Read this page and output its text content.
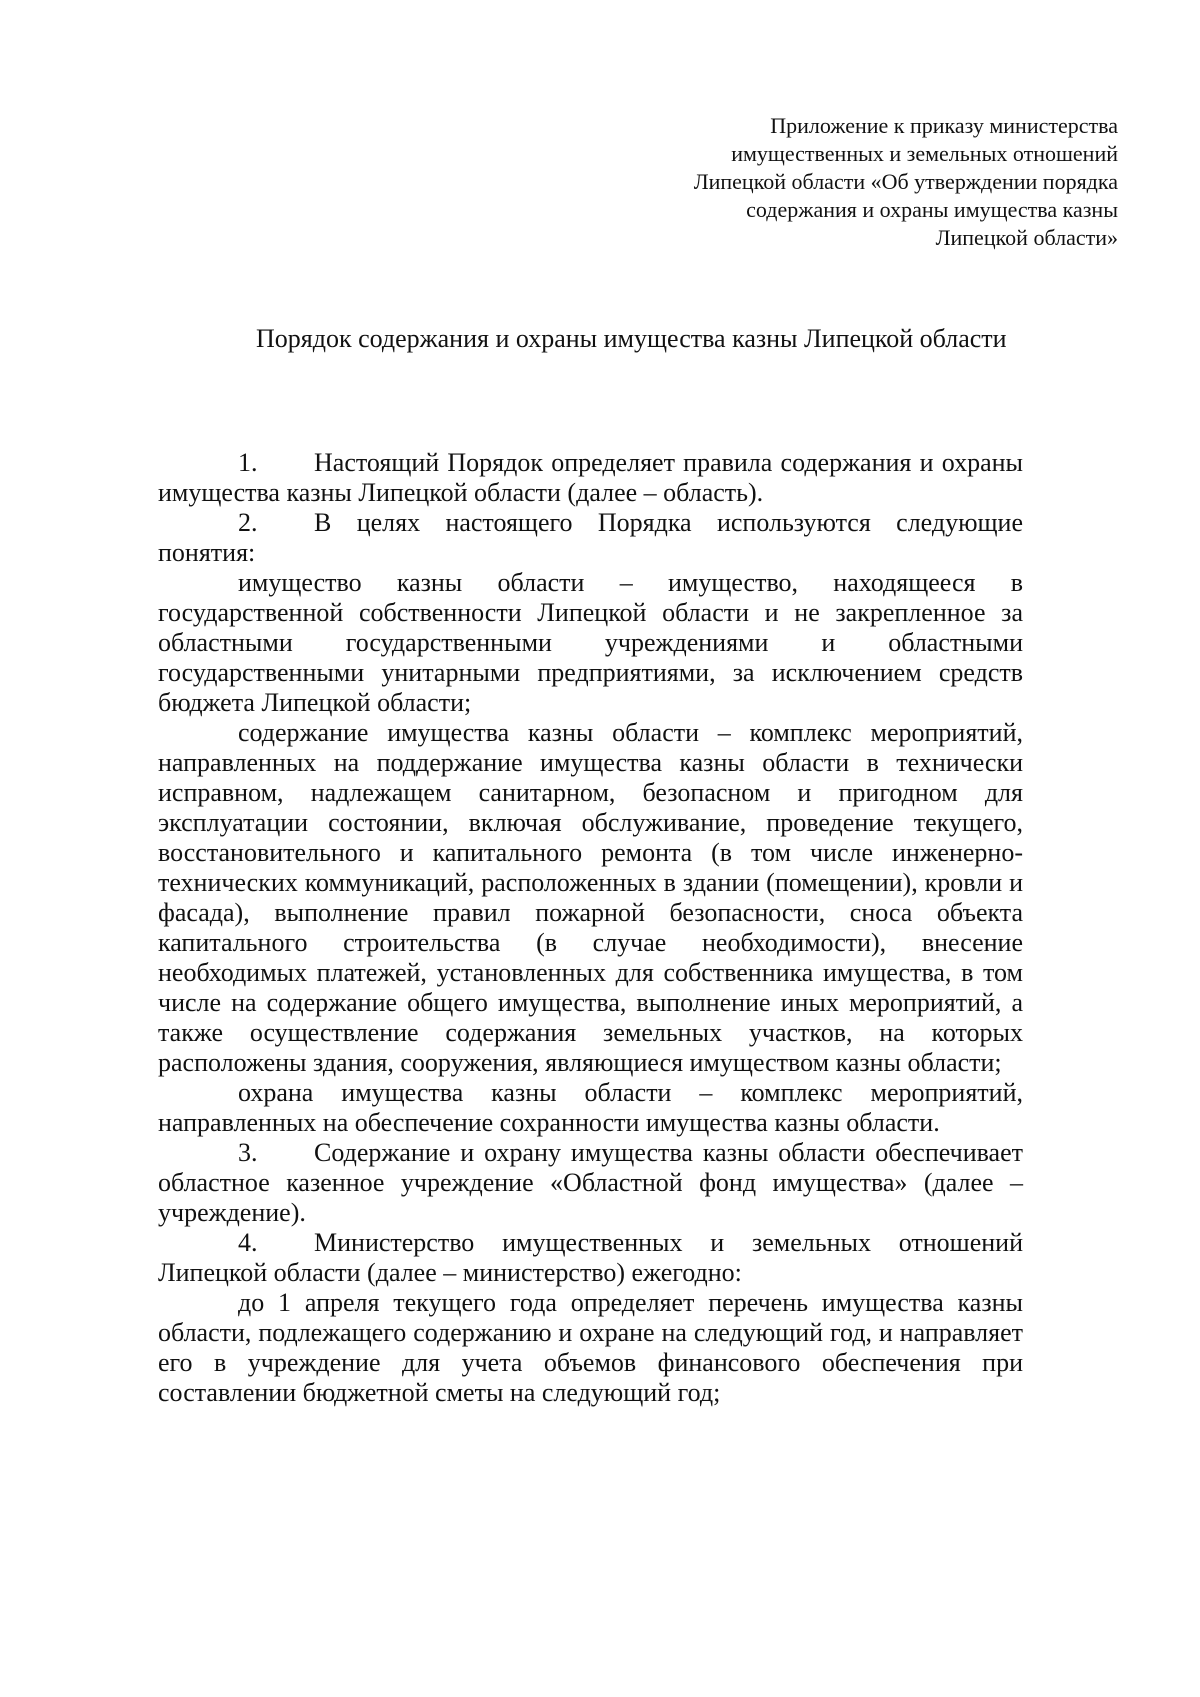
Приложение к приказу министерства
имущественных и земельных отношений
Липецкой области «Об утверждении порядка
содержания и охраны имущества казны
Липецкой области»
Порядок содержания и охраны имущества казны Липецкой области

1. Настоящий Порядок определяет правила содержания и охраны имущества казны Липецкой области (далее – область).

2. В целях настоящего Порядка используются следующие понятия:

имущество казны области – имущество, находящееся в государственной собственности Липецкой области и не закрепленное за областными государственными учреждениями и областными государственными унитарными предприятиями, за исключением средств бюджета Липецкой области;

содержание имущества казны области – комплекс мероприятий, направленных на поддержание имущества казны области в технически исправном, надлежащем санитарном, безопасном и пригодном для эксплуатации состоянии, включая обслуживание, проведение текущего, восстановительного и капитального ремонта (в том числе инженерно-технических коммуникаций, расположенных в здании (помещении), кровли и фасада), выполнение правил пожарной безопасности, сноса объекта капитального строительства (в случае необходимости), внесение необходимых платежей, установленных для собственника имущества, в том числе на содержание общего имущества, выполнение иных мероприятий, а также осуществление содержания земельных участков, на которых расположены здания, сооружения, являющиеся имуществом казны области;

охрана имущества казны области – комплекс мероприятий, направленных на обеспечение сохранности имущества казны области.

3. Содержание и охрану имущества казны области обеспечивает областное казенное учреждение «Областной фонд имущества» (далее – учреждение).

4. Министерство имущественных и земельных отношений Липецкой области (далее – министерство) ежегодно:

до 1 апреля текущего года определяет перечень имущества казны области, подлежащего содержанию и охране на следующий год, и направляет его в учреждение для учета объемов финансового обеспечения при составлении бюджетной сметы на следующий год;
